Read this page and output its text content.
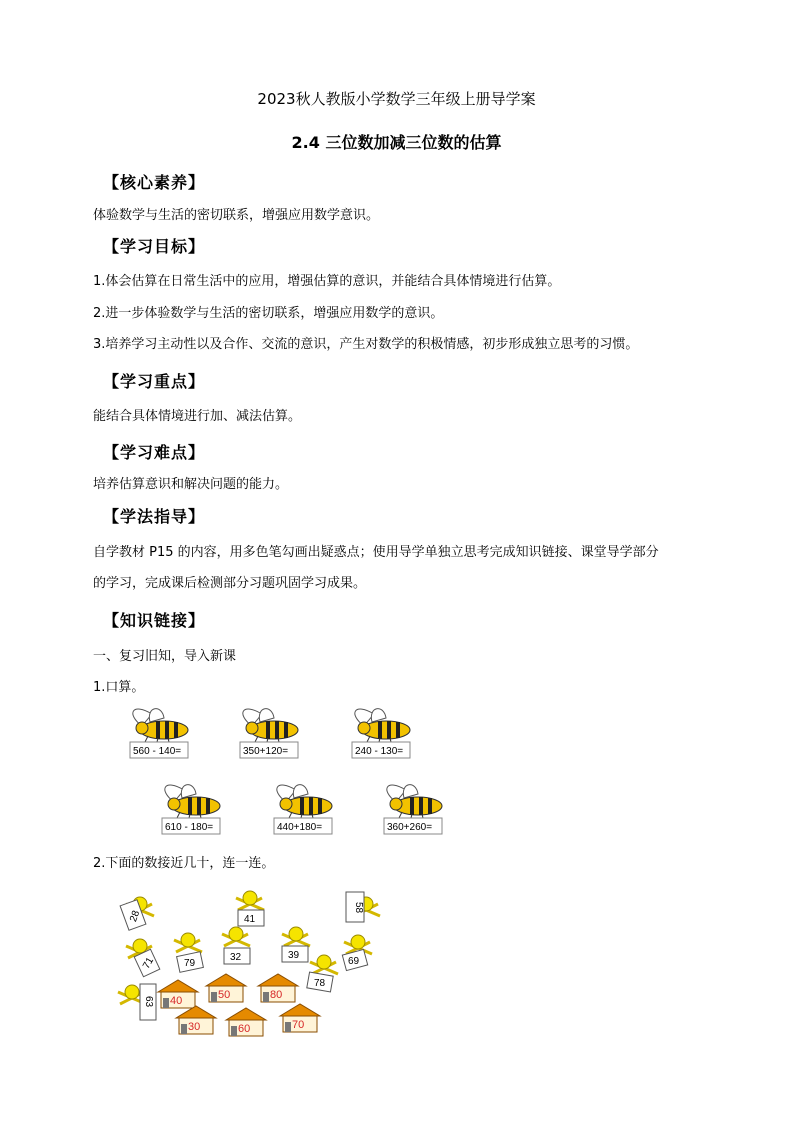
2023秋人教版小学数学三年级上册导学案
2.4 三位数加减三位数的估算
【核心素养】
体验数学与生活的密切联系，增强应用数学意识。
【学习目标】
1.体会估算在日常生活中的应用，增强估算的意识，并能结合具体情境进行估算。
2.进一步体验数学与生活的密切联系，增强应用数学的意识。
3.培养学习主动性以及合作、交流的意识，产生对数学的积极情感，初步形成独立思考的习惯。
【学习重点】
能结合具体情境进行加、减法估算。
【学习难点】
培养估算意识和解决问题的能力。
【学法指导】
自学教材 P15 的内容，用多色笔勾画出疑惑点；使用导学单独立思考完成知识链接、课堂导学部分
的学习，完成课后检测部分习题巩固学习成果。
【知识链接】
一、复习旧知，导入新课
1.口算。
560 - 140=	350+120=	240 - 130=
610 - 180=	440+180=	360+260=
2.下面的数接近几十，连一连。
28	41
58
71	79
32	39
69
78
63 40	50	80
30	60	70
